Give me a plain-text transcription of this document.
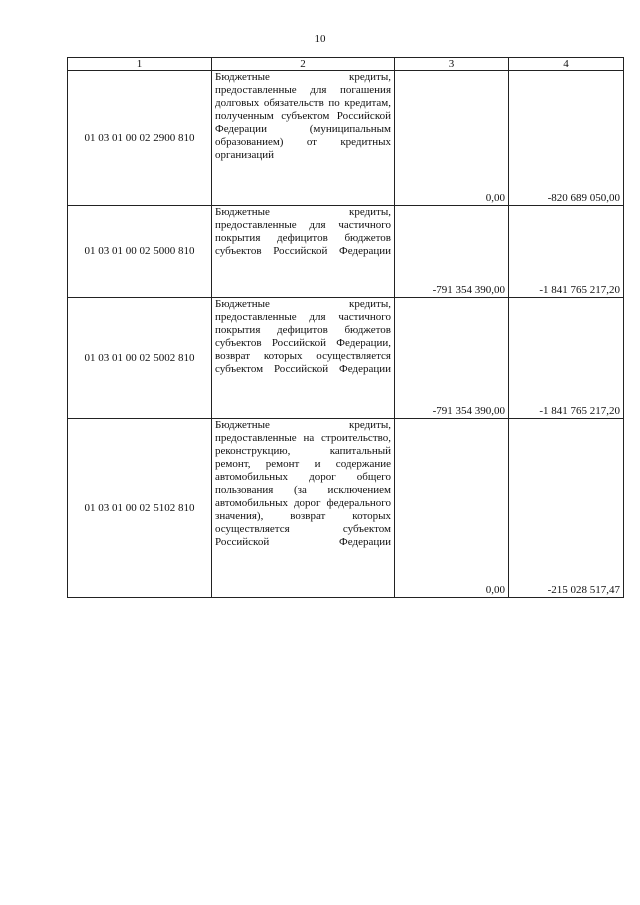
10
1	2	3	4
01 03 01 00 02 2900 810	Бюджетные кредиты, предоставленные для погашения долговых обязательств по кредитам, полученным субъектом Российской Федерации (муниципальным образованием) от кредитных организаций	0,00	-820 689 050,00
01 03 01 00 02 5000 810	Бюджетные кредиты, предоставленные для частичного покрытия дефицитов бюджетов субъектов Российской Федерации	-791 354 390,00	-1 841 765 217,20
01 03 01 00 02 5002 810	Бюджетные кредиты, предоставленные для частичного покрытия дефицитов бюджетов субъектов Российской Федерации, возврат которых осуществляется субъектом Российской Федерации	-791 354 390,00	-1 841 765 217,20
01 03 01 00 02 5102 810	Бюджетные кредиты, предоставленные на строительство, реконструкцию, капитальный ремонт, ремонт и содержание автомобильных дорог общего пользования (за исключением автомобильных дорог федерального значения), возврат которых осуществляется субъектом Российской Федерации	0,00	-215 028 517,47
